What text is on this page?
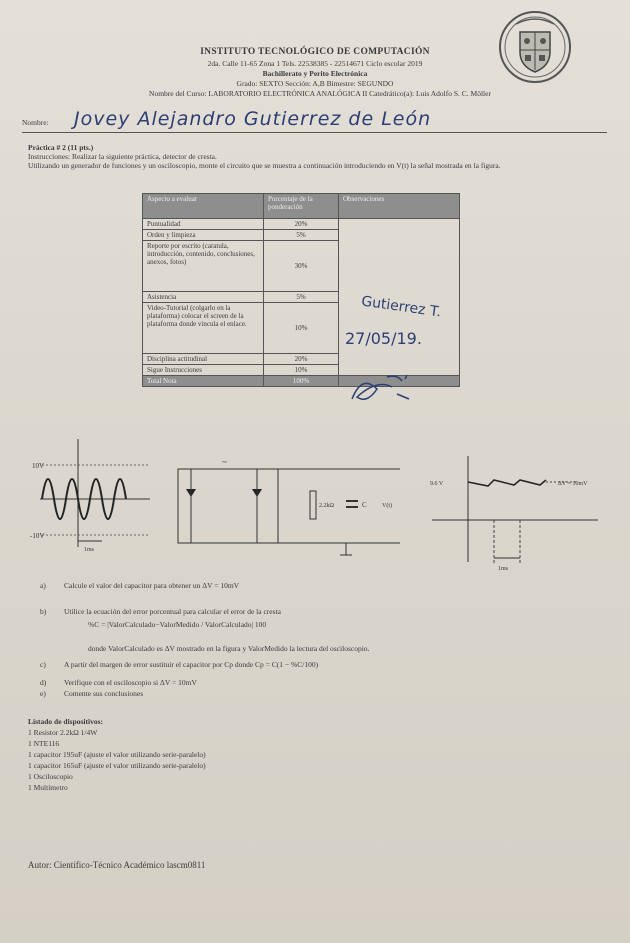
INSTITUTO TECNOLÓGICO DE COMPUTACIÓN
2da. Calle 11-65 Zona 1 Tels. 22538385 - 22514671 Ciclo escolar 2019
Bachillerato y Perito Electrónica
Grado: SEXTO Sección: A,B Bimestre: SEGUNDO
Nombre del Curso: LABORATORIO ELECTRÓNICA ANALÓGICA II Catedrático(a): Luis Adolfo S. C. Möller
Nombre: Jovey Alejandro Gutierrez de León
Práctica # 2 (11 pts.)
Instrucciones: Realizar la siguiente práctica, detector de cresta.
Utilizando un generador de funciones y un osciloscopio, monte el circuito que se muestra a continuación introduciendo en V(t) la señal mostrada en la figura.
Aspecto a evaluar	Porcentaje de la ponderación	Observaciones
Puntualidad	20%	Gutierrez T.
27/05/19.

Orden y limpieza	5%	
Reporte por escrito (caratula, introducción, contenido, conclusiones, anexos, fotos)	30%	
Asistencia	5%	
Video-Tutorial (colgarlo en la plataforma) colocar el screen de la plataforma donde vincula el enlace.	10%	
Disciplina actitudinal	20%	
Sigue Instrucciones	10%	
Total Nota	100%	
10V
-10V
1ms
~
2.2kΩ	C	V(t)
9.6 V	ΔV = 10mV
1ms
a) Calcule el valor del capacitor para obtener un ΔV = 10mV
b) Utilice la ecuación del error porcentual para calcular el error de la cresta
%C = |ValorCalculado−ValorMedido / ValorCalculado| 100
donde ValorCalculado es ΔV mostrado en la figura y ValorMedido la lectura del osciloscopio.
c) A partir del margen de error sustituir el capacitor por Cp donde Cp = C(1 − %C/100)
d) Verifique con el osciloscopio si ΔV = 10mV
e) Comente sus conclusiones
Listado de dispositivos:
1 Resistor 2.2kΩ 1/4W
1 NTE116
1 capacitor 195uF (ajuste el valor utilizando serie-paralelo)
1 capacitor 165uF (ajuste el valor utilizando serie-paralelo)
1 Osciloscopio
1 Multímetro
Autor: Científico-Técnico Académico lascm0811
